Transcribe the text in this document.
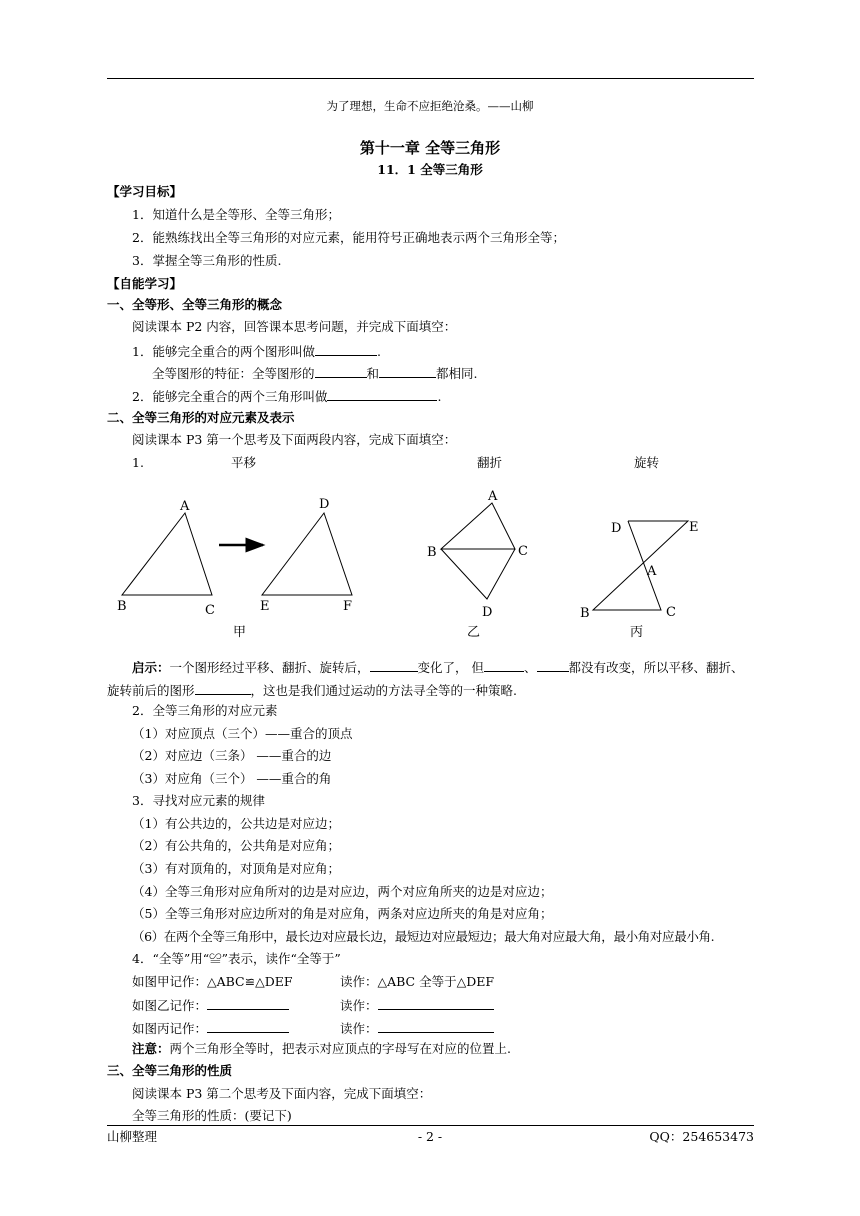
为了理想，生命不应拒绝沧桑。——山柳
第十一章 全等三角形
11．1 全等三角形
【学习目标】
1．知道什么是全等形、全等三角形；
2．能熟练找出全等三角形的对应元素，能用符号正确地表示两个三角形全等；
3．掌握全等三角形的性质.
【自能学习】
一、全等形、全等三角形的概念
阅读课本 P2 内容，回答课本思考问题，并完成下面填空：
1．能够完全重合的两个图形叫做	.
全等图形的特征：全等图形的	和	都相同.
2．能够完全重合的两个三角形叫做	.
二、全等三角形的对应元素及表示
阅读课本 P3 第一个思考及下面两段内容，完成下面填空：
1.	平移	翻折	旋转
A
B	C
D
E	F
A
B	C
D
D	E
A
B	C
甲	乙	丙
启示：一个图形经过平移、翻折、旋转后，	变化了， 但	、	都没有改变，所以平移、翻折、
旋转前后的图形	，这也是我们通过运动的方法寻全等的一种策略.
2．全等三角形的对应元素
（1）对应顶点（三个）——重合的顶点
（2）对应边（三条） ——重合的边
（3）对应角（三个） ——重合的角
3．寻找对应元素的规律
（1）有公共边的，公共边是对应边；
（2）有公共角的，公共角是对应角；
（3）有对顶角的，对顶角是对应角；
（4）全等三角形对应角所对的边是对应边，两个对应角所夹的边是对应边；
（5）全等三角形对应边所对的角是对应角，两条对应边所夹的角是对应角；
（6）在两个全等三角形中，最长边对应最长边，最短边对应最短边；最大角对应最大角，最小角对应最小角.
4．“全等”用“≌”表示，读作“全等于”
如图甲记作：△ABC≌△DEF	读作：△ABC 全等于△DEF
如图乙记作：	读作：
如图丙记作：	读作：
注意：两个三角形全等时，把表示对应顶点的字母写在对应的位置上.
三、全等三角形的性质
阅读课本 P3 第二个思考及下面内容，完成下面填空：
全等三角形的性质：(要记下)
山柳整理	- 2 -	QQ：254653473
